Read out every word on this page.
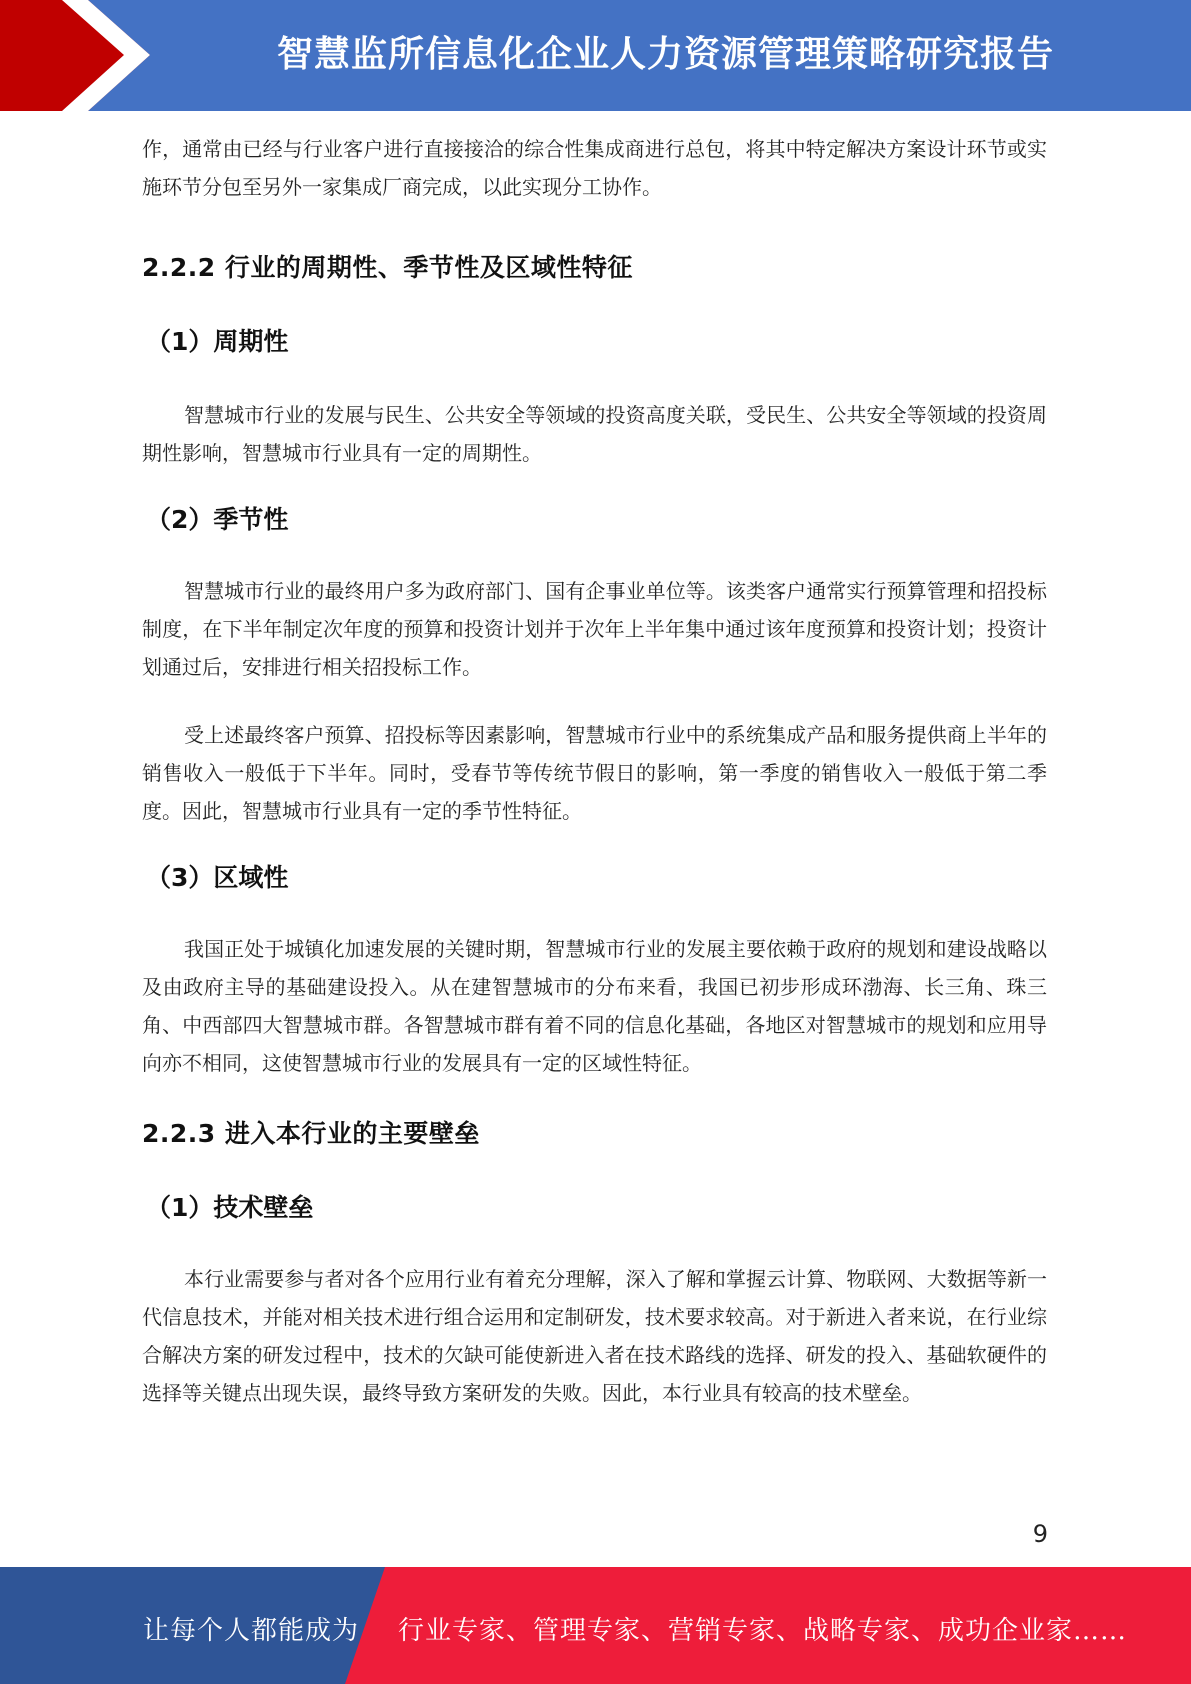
智慧监所信息化企业人力资源管理策略研究报告

作，通常由已经与行业客户进行直接接洽的综合性集成商进行总包，将其中特定解决方案设计环节或实施环节分包至另外一家集成厂商完成，以此实现分工协作。

2.2.2 行业的周期性、季节性及区域性特征
（1）周期性

智慧城市行业的发展与民生、公共安全等领域的投资高度关联，受民生、公共安全等领域的投资周期性影响，智慧城市行业具有一定的周期性。

（2）季节性

智慧城市行业的最终用户多为政府部门、国有企事业单位等。该类客户通常实行预算管理和招投标制度，在下半年制定次年度的预算和投资计划并于次年上半年集中通过该年度预算和投资计划；投资计划通过后，安排进行相关招投标工作。

受上述最终客户预算、招投标等因素影响，智慧城市行业中的系统集成产品和服务提供商上半年的销售收入一般低于下半年。同时，受春节等传统节假日的影响，第一季度的销售收入一般低于第二季度。因此，智慧城市行业具有一定的季节性特征。

（3）区域性

我国正处于城镇化加速发展的关键时期，智慧城市行业的发展主要依赖于政府的规划和建设战略以及由政府主导的基础建设投入。从在建智慧城市的分布来看，我国已初步形成环渤海、长三角、珠三角、中西部四大智慧城市群。各智慧城市群有着不同的信息化基础，各地区对智慧城市的规划和应用导向亦不相同，这使智慧城市行业的发展具有一定的区域性特征。

2.2.3 进入本行业的主要壁垒
（1）技术壁垒

本行业需要参与者对各个应用行业有着充分理解，深入了解和掌握云计算、物联网、大数据等新一代信息技术，并能对相关技术进行组合运用和定制研发，技术要求较高。对于新进入者来说，在行业综合解决方案的研发过程中，技术的欠缺可能使新进入者在技术路线的选择、研发的投入、基础软硬件的选择等关键点出现失误，最终导致方案研发的失败。因此，本行业具有较高的技术壁垒。

9
让每个人都能成为 行业专家、管理专家、营销专家、战略专家、成功企业家……
